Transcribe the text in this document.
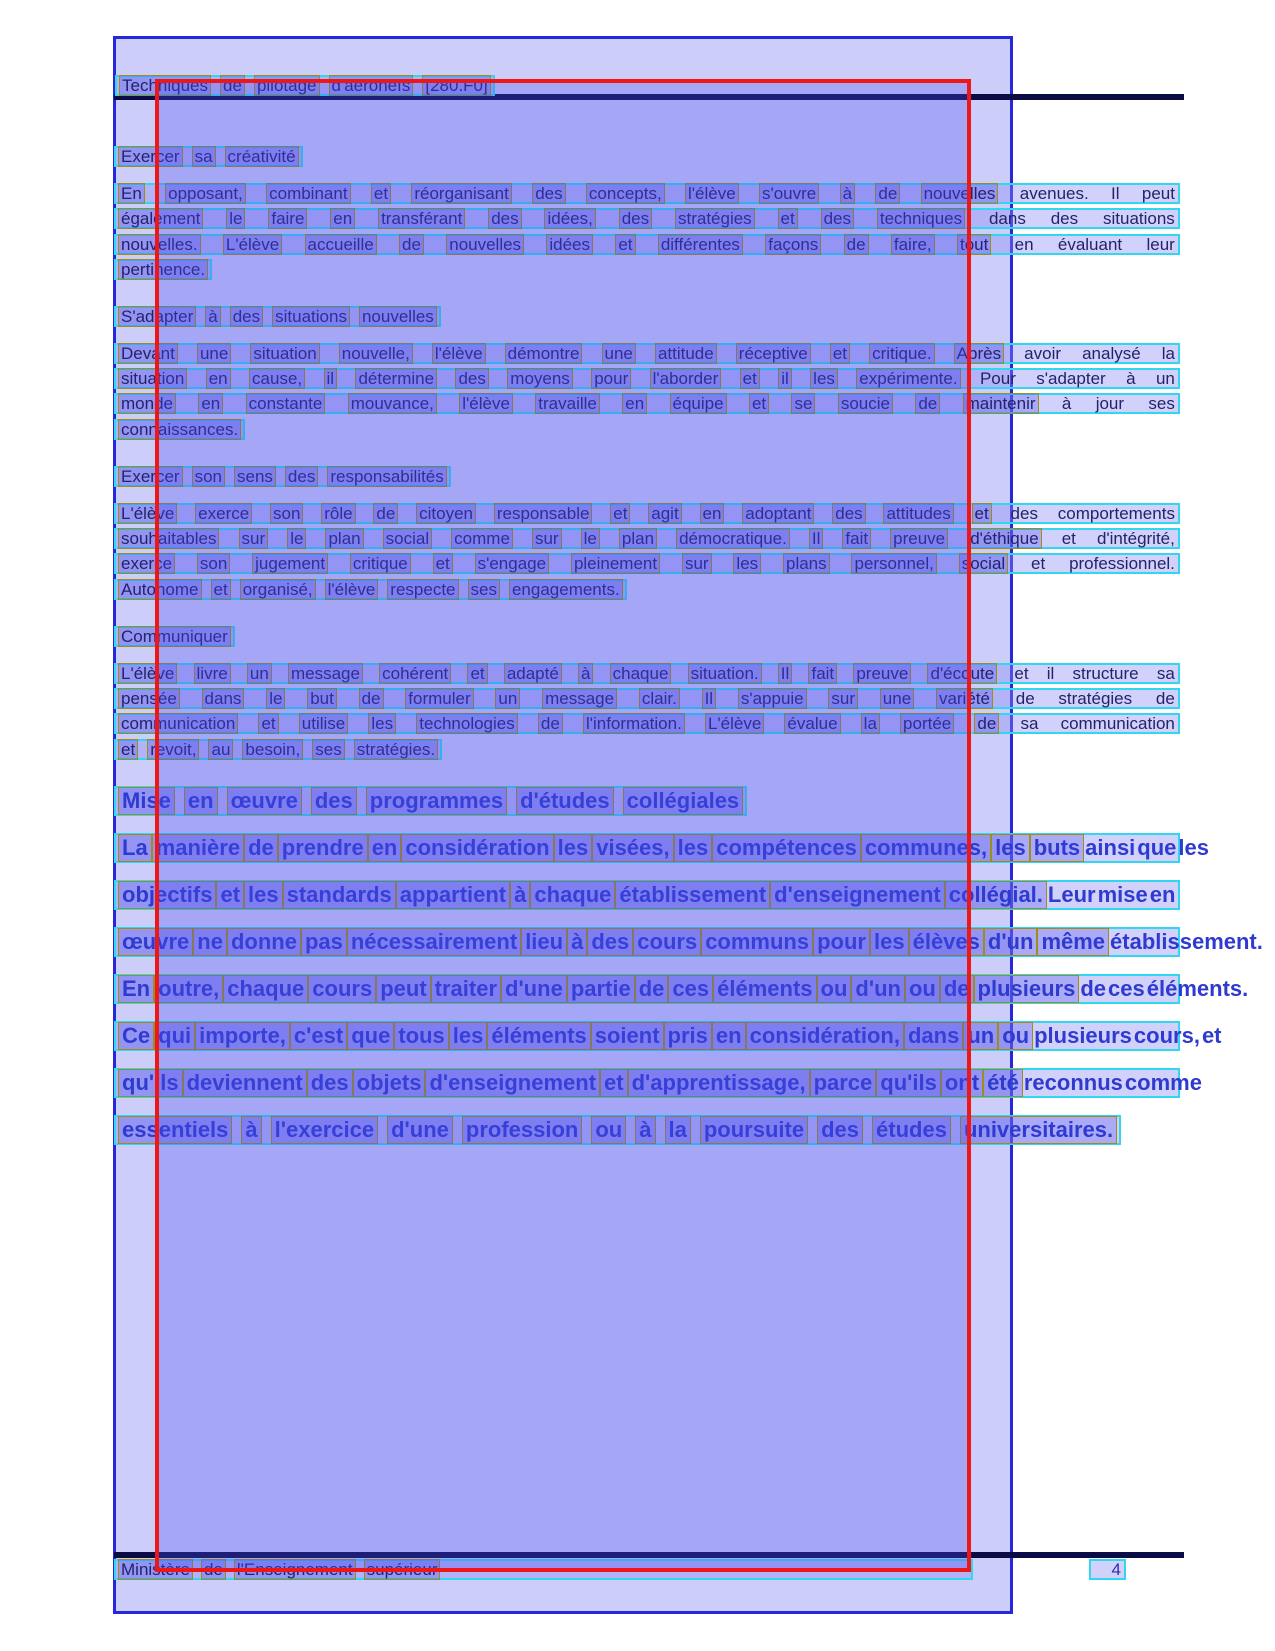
Techniques de pilotage d'aéronefs [280.F0]
Exercer sa créativité
En opposant, combinant et réorganisant des concepts, l'élève s'ouvre à de nouvelles avenues. Il peut
également le faire en transférant des idées, des stratégies et des techniques dans des situations
nouvelles. L'élève accueille de nouvelles idées et différentes façons de faire, tout en évaluant leur
pertinence.
S'adapter à des situations nouvelles
Devant une situation nouvelle, l'élève démontre une attitude réceptive et critique. Après avoir analysé la
situation en cause, il détermine des moyens pour l'aborder et il les expérimente. Pour s'adapter à un
monde en constante mouvance, l'élève travaille en équipe et se soucie de maintenir à jour ses
connaissances.
Exercer son sens des responsabilités
L'élève exerce son rôle de citoyen responsable et agit en adoptant des attitudes et des comportements
souhaitables sur le plan social comme sur le plan démocratique. Il fait preuve d'éthique et d'intégrité,
exerce son jugement critique et s'engage pleinement sur les plans personnel, social et professionnel.
Autonome et organisé, l'élève respecte ses engagements.
Communiquer
L'élève livre un message cohérent et adapté à chaque situation. Il fait preuve d'écoute et il structure sa
pensée dans le but de formuler un message clair. Il s'appuie sur une variété de stratégies de
communication et utilise les technologies de l'information. L'élève évalue la portée de sa communication
et revoit, au besoin, ses stratégies.
Mise en œuvre des programmes d'études collégiales
La manière de prendre en considération les visées, les compétences communes, les buts ainsi que les
objectifs et les standards appartient à chaque établissement d'enseignement collégial. Leur mise en
œuvre ne donne pas nécessairement lieu à des cours communs pour les élèves d'un même établissement.
En outre, chaque cours peut traiter d'une partie de ces éléments ou d'un ou de plusieurs de ces éléments.
Ce qui importe, c'est que tous les éléments soient pris en considération, dans un ou plusieurs cours, et
qu'ils deviennent des objets d'enseignement et d'apprentissage, parce qu'ils ont été reconnus comme
essentiels à l'exercice d'une profession ou à la poursuite des études universitaires.
Ministère de l'Enseignement supérieur	4
